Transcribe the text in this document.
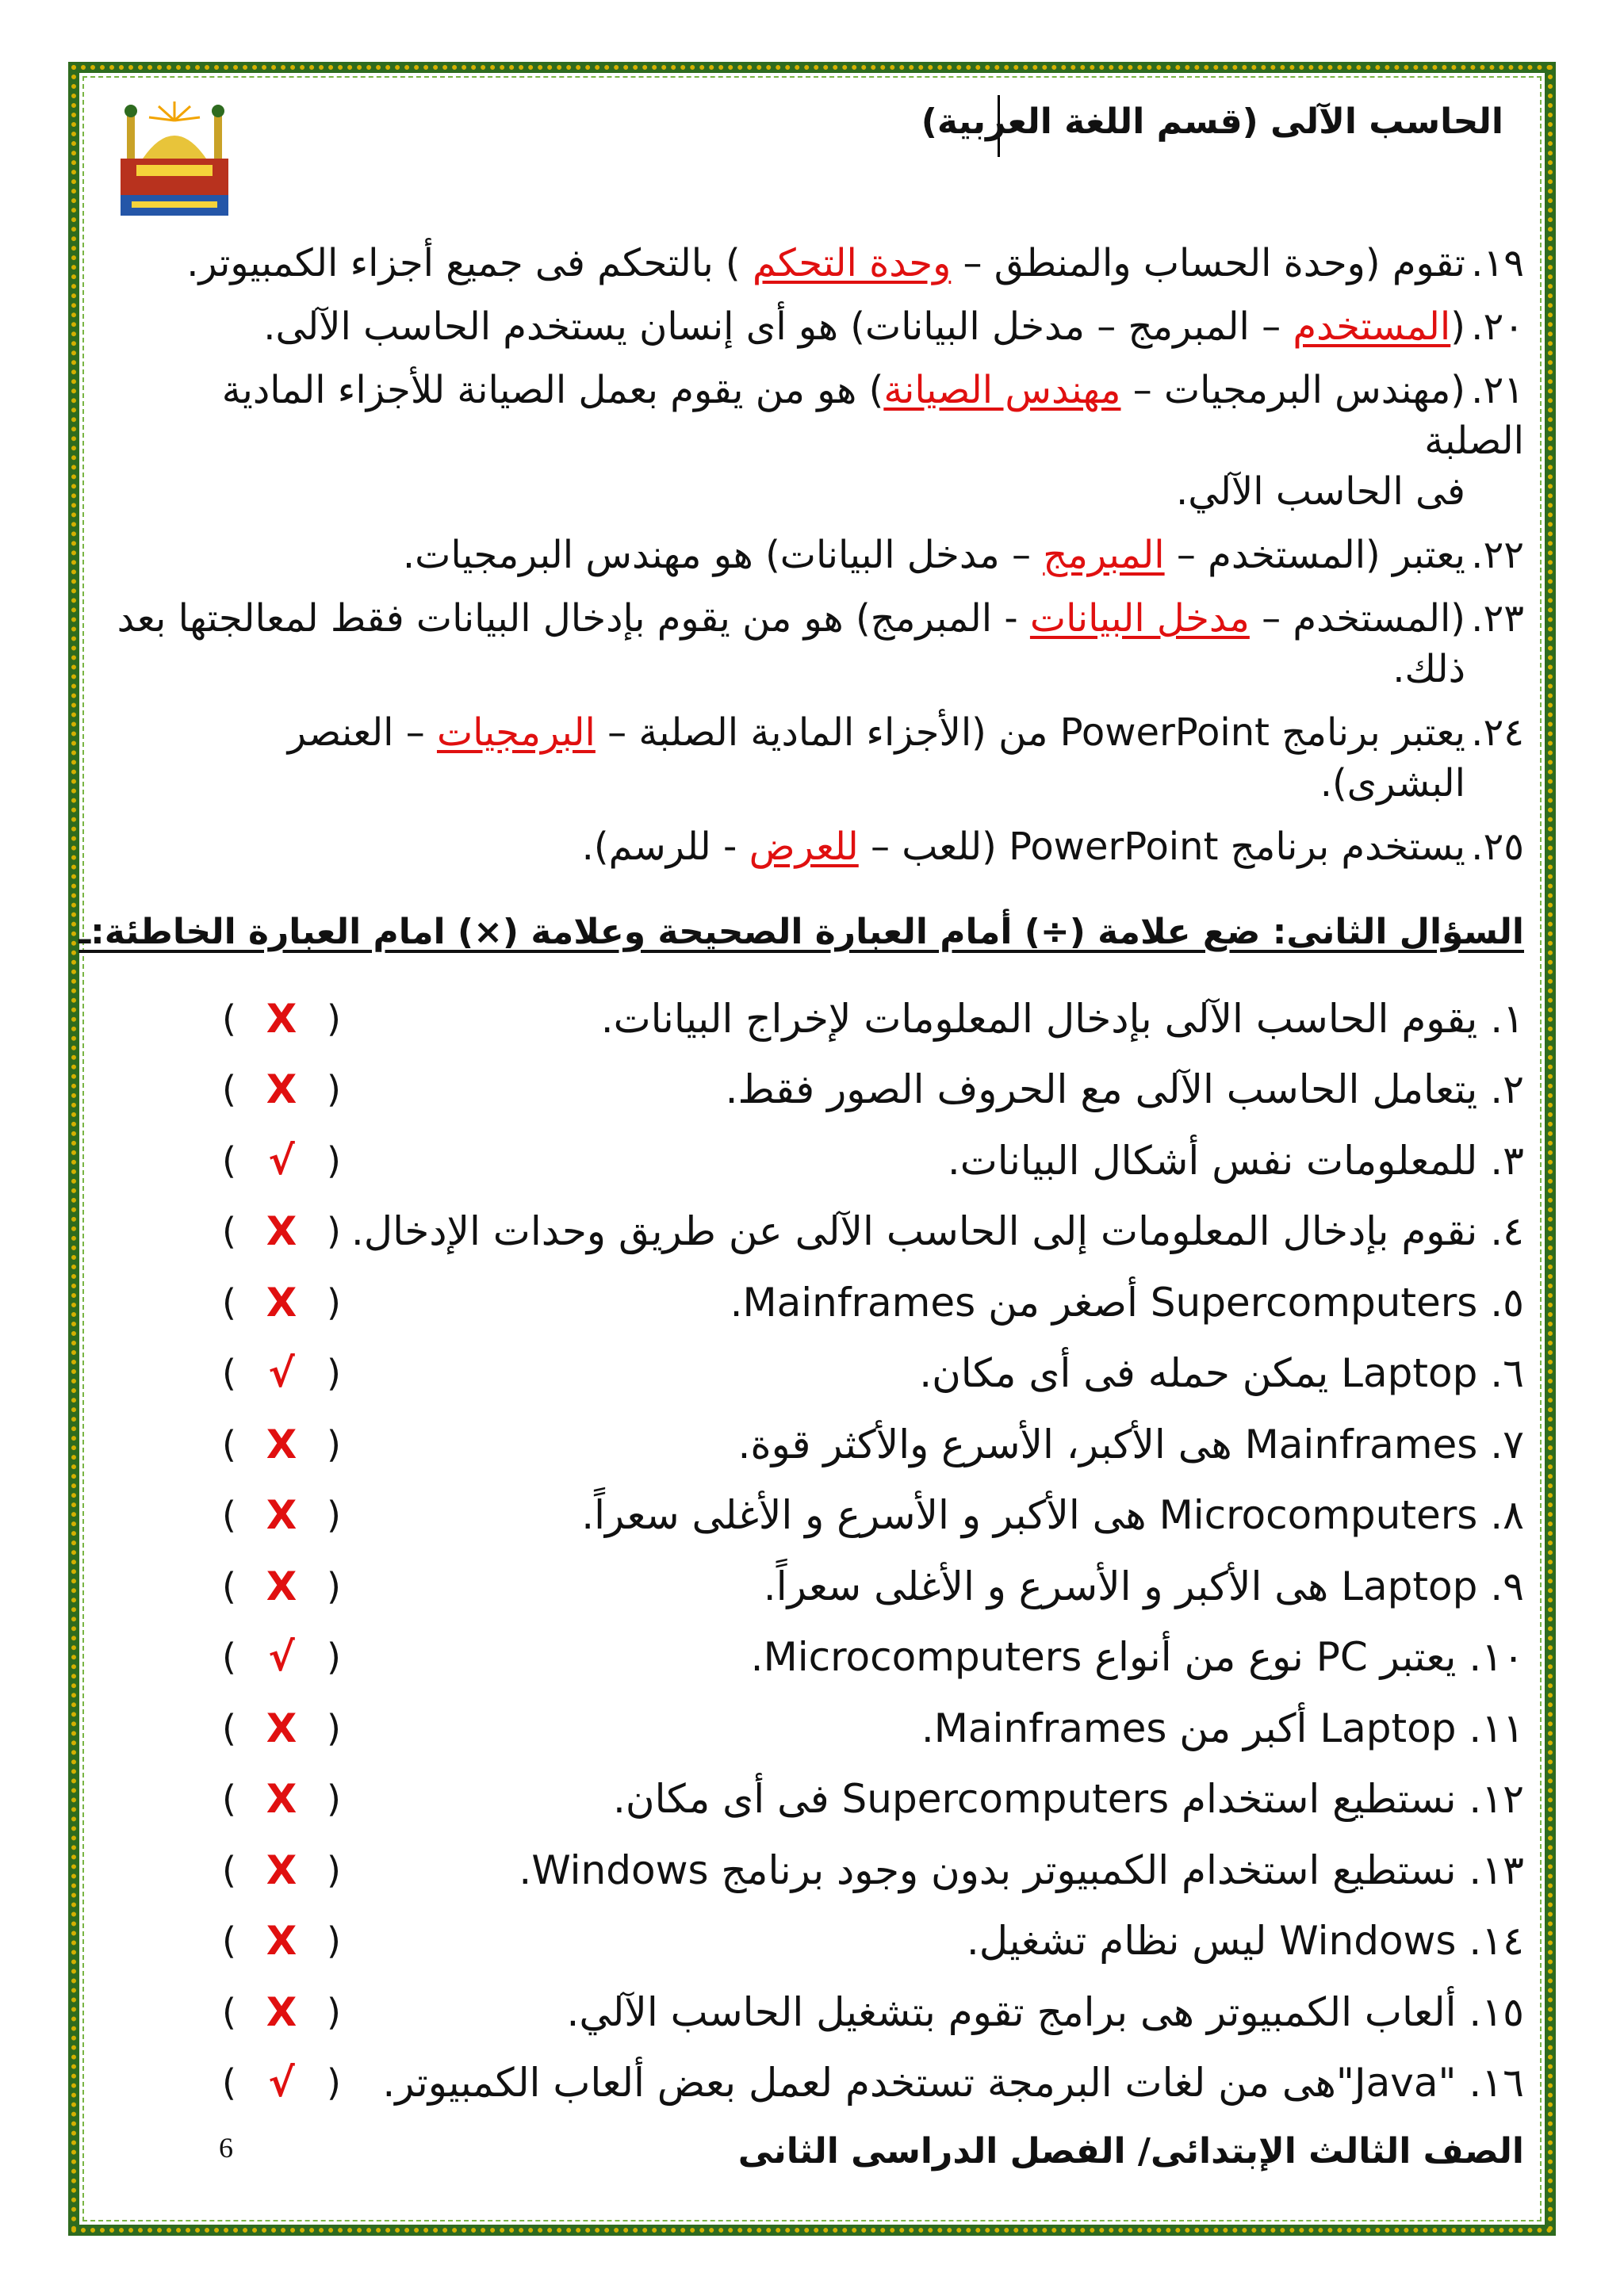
الحاسب الآلى (قسم اللغة العربية)
١٩.تقوم (وحدة الحساب والمنطق – وحدة التحكم ) بالتحكم فى جميع أجزاء الكمبيوتر.
٢٠.(المستخدم – المبرمج – مدخل البيانات) هو أى إنسان يستخدم الحاسب الآلى.
٢١.(مهندس البرمجيات – مهندس الصيانة) هو من يقوم بعمل الصيانة للأجزاء المادية الصلبة
فى الحاسب الآلي.
٢٢.يعتبر (المستخدم – المبرمج – مدخل البيانات) هو مهندس البرمجيات.
٢٣.(المستخدم – مدخل البيانات - المبرمج) هو من يقوم بإدخال البيانات فقط لمعالجتها بعد
ذلك.
٢٤.يعتبر برنامج PowerPoint من (الأجزاء المادية الصلبة – البرمجيات – العنصر
البشرى).
٢٥.يستخدم برنامج PowerPoint (للعب – للعرض - للرسم).
السؤال الثانى: ضع علامة (÷) أمام العبارة الصحيحة وعلامة (×) امام العبارة الخاطئة:ـ
١. يقوم الحاسب الآلى بإدخال المعلومات لإخراج البيانات.
( X )
٢. يتعامل الحاسب الآلى مع الحروف الصور فقط.
( X )
٣. للمعلومات نفس أشكال البيانات.
( √ )
٤. نقوم بإدخال المعلومات إلى الحاسب الآلى عن طريق وحدات الإدخال.
( X )
٥. Supercomputers أصغر من Mainframes.
( X )
٦. Laptop يمكن حمله فى أى مكان.
( √ )
٧. Mainframes هى الأكبر، الأسرع والأكثر قوة.
( X )
٨. Microcomputers هى الأكبر و الأسرع و الأغلى سعراً.
( X )
٩. Laptop هى الأكبر و الأسرع و الأغلى سعراً.
( X )
١٠. يعتبر PC نوع من أنواع Microcomputers.
( √ )
١١. Laptop أكبر من Mainframes.
( X )
١٢. نستطيع استخدام Supercomputers فى أى مكان.
( X )
١٣. نستطيع استخدام الكمبيوتر بدون وجود برنامج Windows.
( X )
١٤. Windows ليس نظام تشغيل.
( X )
١٥. ألعاب الكمبيوتر هى برامج تقوم بتشغيل الحاسب الآلي.
( X )
١٦. "Java"هى من لغات البرمجة تستخدم لعمل بعض ألعاب الكمبيوتر.
( √ )
الصف الثالث الإبتدائى/ الفصل الدراسى الثانى
6
